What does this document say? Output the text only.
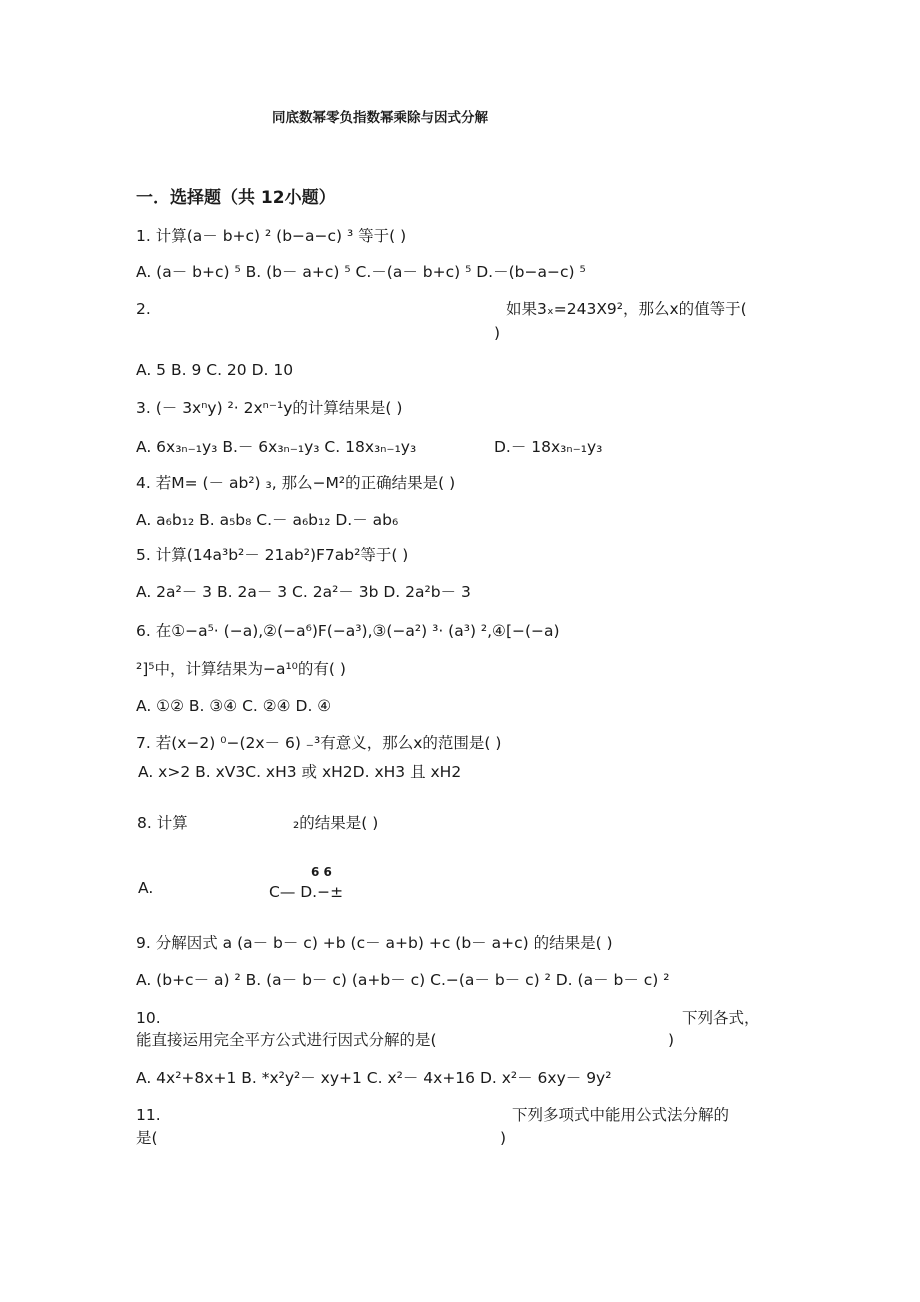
同底数幂零负指数幂乘除与因式分解
一．选择题（共 12小题）
1. 计算(a－ b+c) ² (b−a−c) ³ 等于( )
A. (a－ b+c) ⁵ B. (b－ a+c) ⁵ C.－(a－ b+c) ⁵ D.－(b−a−c) ⁵
2.	如果3ₓ=243X9²，那么x的值等于(
)
A. 5 B. 9 C. 20 D. 10
3. (－ 3xⁿy) ²· 2xⁿ⁻¹y的计算结果是( )
A. 6x₃ₙ₋₁y₃ B.－ 6x₃ₙ₋₁y₃ C. 18x₃ₙ₋₁y₃	D.－ 18x₃ₙ₋₁y₃
4. 若M= (－ ab²) ₃, 那么−M²的正确结果是( )
A. a₆b₁₂ B. a₅b₈ C.－ a₆b₁₂ D.－ ab₆
5. 计算(14a³b²－ 21ab²)F7ab²等于( )
A. 2a²－ 3 B. 2a－ 3 C. 2a²－ 3b D. 2a²b－ 3
6. 在①−a⁵· (−a),②(−a⁶)F(−a³),③(−a²) ³· (a³) ²,④[−(−a)
²]⁵中，计算结果为−a¹⁰的有( )
A. ①② B. ③④ C. ②④ D. ④
7. 若(x−2) ⁰−(2x－ 6) ₋³有意义，那么x的范围是( )
A. x>2 B. xV3C. xH3 或 xH2D. xH3 且 xH2
8. 计算	₂的结果是( )
6 6
A.	C— D.−±
9. 分解因式 a (a－ b－ c) +b (c－ a+b) +c (b－ a+c) 的结果是( )
A. (b+c－ a) ² B. (a－ b－ c) (a+b－ c) C.−(a－ b－ c) ² D. (a－ b－ c) ²
10.	下列各式，
能直接运用完全平方公式进行因式分解的是(	)
A. 4x²+8x+1 B. *x²y²－ xy+1 C. x²－ 4x+16 D. x²－ 6xy－ 9y²
11.	下列多项式中能用公式法分解的
是(	)
